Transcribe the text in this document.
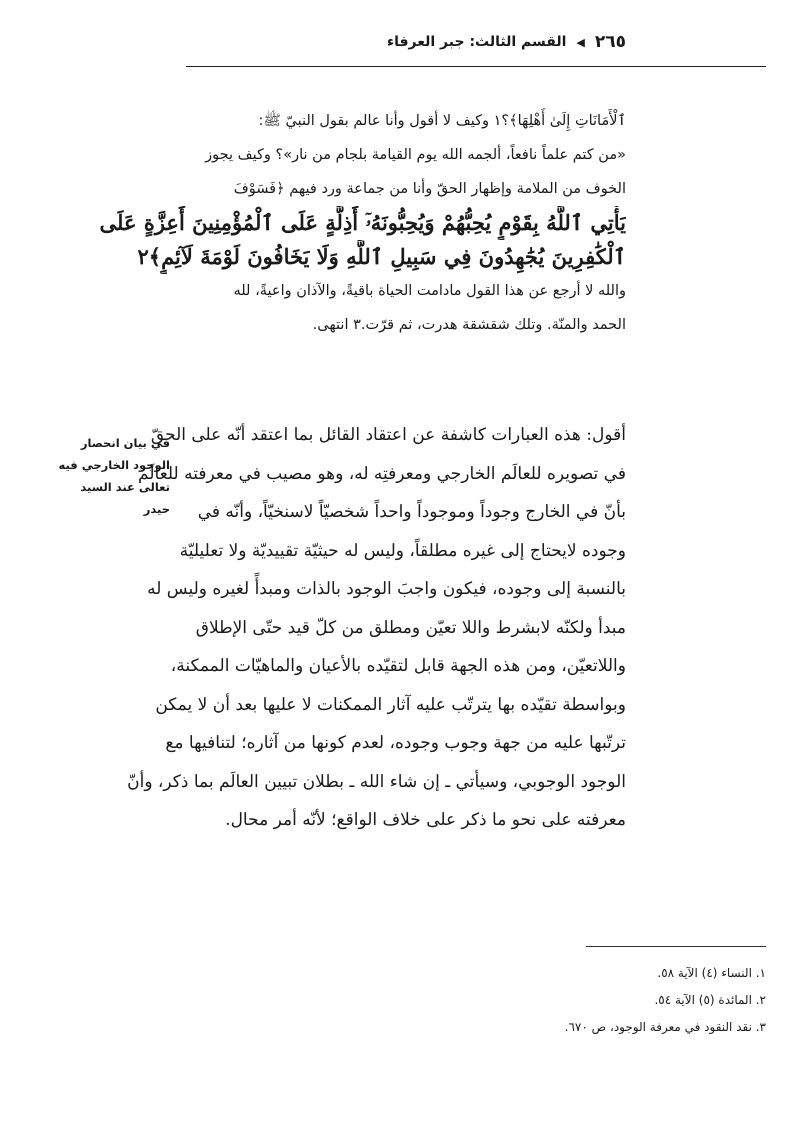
٢٦٥
◀
القسم الثالث: جبر العرفاء
ٱلْأَمَانَاتِ إِلَىٰ أَهْلِهَا﴾؟١ وكيف لا أقول وأنا عالم بقول النبيّ ﷺ:
«من كتم علماً نافعاً، ألجمه الله يوم القيامة بلجام من نار»؟ وكيف يجوز
الخوف من الملامة وإظهار الحقّ وأنا من جماعة ورد فيهم ﴿فَسَوْفَ
يَأْتِي ٱللَّهُ بِقَوْمٍ يُحِبُّهُمْ وَيُحِبُّونَهُۥٓ أَذِلَّةٍ عَلَى ٱلْمُؤْمِنِينَ أَعِزَّةٍ عَلَى
ٱلْكَٰفِرِينَ يُجَٰهِدُونَ فِي سَبِيلِ ٱللَّهِ وَلَا يَخَافُونَ لَوْمَةَ لَآئِمٍ﴾٢
والله لا أرجع عن هذا القول مادامت الحياة باقيةً، والآذان واعيةً، لله
الحمد والمنّة. وتلك شقشقة هدرت، ثم قرّت.٣ انتهى.
في بيان انحصار
الوجود الخارجي فيه
تعالى عند السيد
حيدر
أقول: هذه العبارات كاشفة عن اعتقاد القائل بما اعتقد أنّه على الحقّ
في تصويره للعالَم الخارجي ومعرفتِه له، وهو مصيب في معرفته للعالَم
بأنّ في الخارج وجوداً وموجوداً واحداً شخصيّاً لاسنخيّاً، وأنّه في
وجوده لايحتاج إلى غيره مطلقاً، وليس له حيثيّة تقييديّة ولا تعليليّة
بالنسبة إلى وجوده، فيكون واجبَ الوجود بالذات ومبدأً لغيره وليس له
مبدأ ولكنّه لابشرط واللا تعيّن ومطلق من كلّ قيد حتّى الإطلاق
واللاتعيّن، ومن هذه الجهة قابل لتقيّده بالأعيان والماهيّات الممكنة،
وبواسطة تقيّده بها يترتّب عليه آثار الممكنات لا عليها بعد أن لا يمكن
ترتّبها عليه من جهة وجوب وجوده، لعدم كونها من آثاره؛ لتنافيها مع
الوجود الوجوبي، وسيأتي ـ إن شاء الله ـ بطلان تبيين العالَم بما ذكر، وأنّ
معرفته على نحو ما ذكر على خلاف الواقع؛ لأنّه أمر محال.
١. النساء (٤) الآية ٥٨.
٢. المائدة (٥) الآية ٥٤.
٣. نقد النقود في معرفة الوجود، ص ٦٧٠.
